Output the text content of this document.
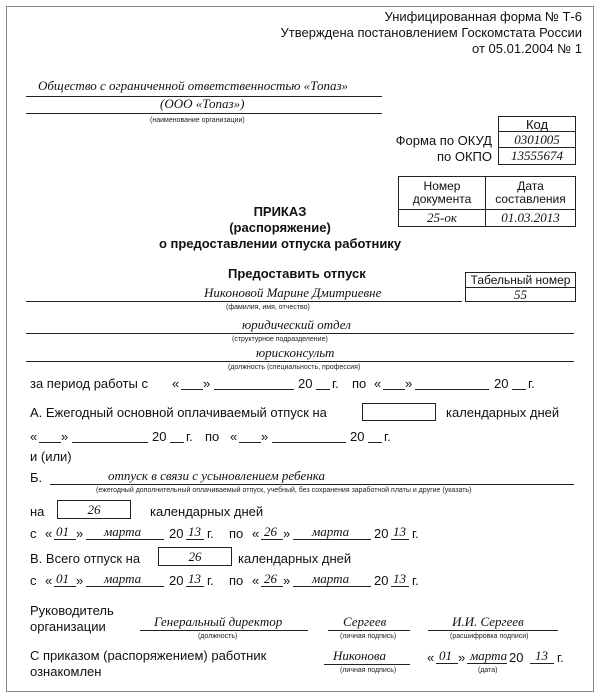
Унифицированная форма № Т-6
Утверждена постановлением Госкомстата России
от 05.01.2004 № 1
Общество с ограниченной ответственностью «Топаз»
(ООО «Топаз»)
(наименование организации)	Код
Форма по ОКУД	0301005
по ОКПО	13555674
Номер документа
Дата составления
25-ок	01.03.2013
ПРИКАЗ
(распоряжение)
о предоставлении отпуска работнику
Предоставить отпуск	Табельный номер
55
Никоновой Марине Дмитриевне
(фамилия, имя, отчество)
юридический отдел
(структурное подразделение)
юрисконсульт
(должность (специальность, профессия)
за период работы с « »	20 г. по « »	20 г.
А. Ежегодный основной оплачиваемый отпуск на	календарных дней
« »	20 г. по « »	20 г.
и (или)
Б.	отпуск в связи с усыновлением ребенка
(ежегодный дополнительный оплачиваемый отпуск, учебный, без сохранения заработной платы и другие (указать)
на	26	календарных дней
с « 01 » марта 20 13 г. по « 26 » марта 20 13 г.
В. Всего отпуск на	26	календарных дней
с « 01 » марта 20 13 г. по « 26 » марта 20 13 г.
Руководитель
организации	Генеральный директор
(должность)
Сергеев
(личная подпись)
И.И. Сергеев
(расшифровка подписи)
С приказом (распоряжением) работник
ознакомлен
Никонова
(личная подпись)
« 01 » марта 20 13 г.
(дата)
